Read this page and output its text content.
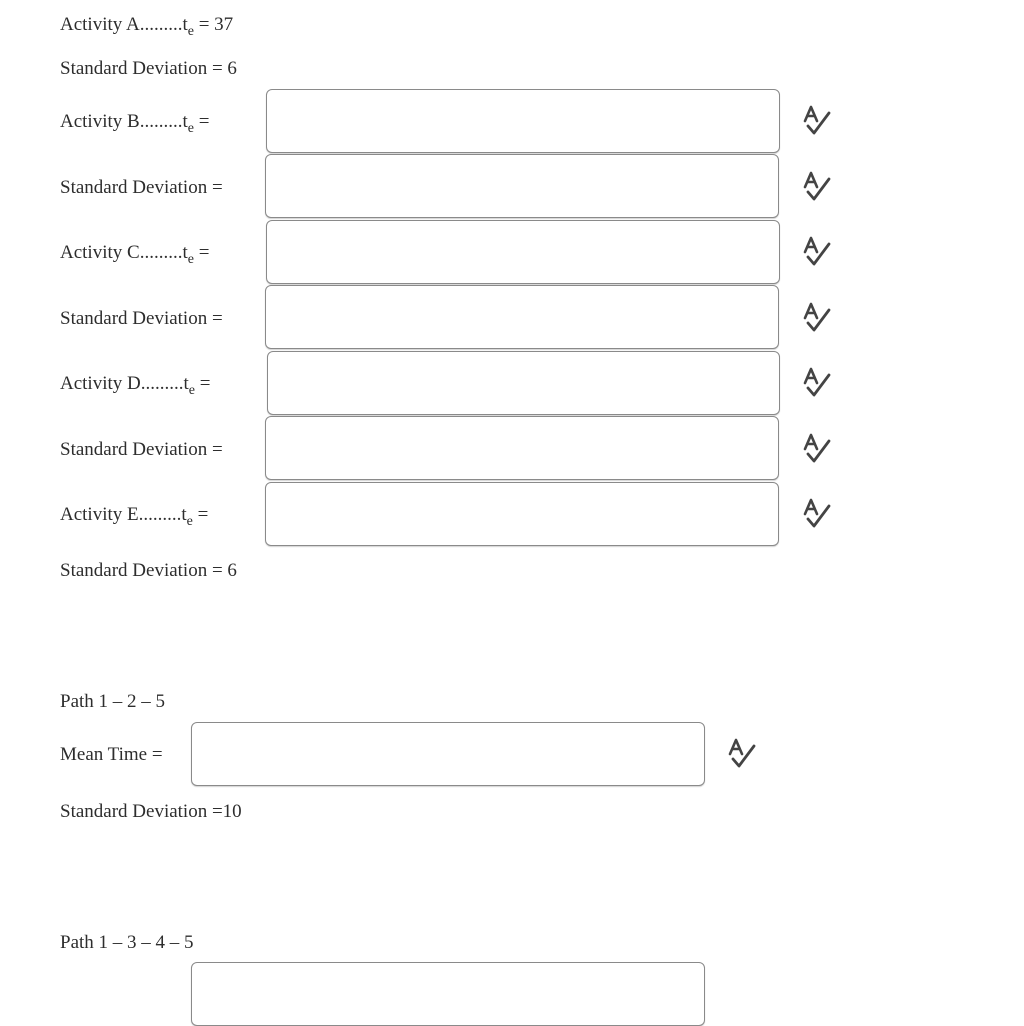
Activity $A.........t_e = 37$
Standard Deviation = 6
Activity $B.........t_e$ =
Standard Deviation =
Activity $C.........t_e$ =
Standard Deviation =
Activity $D.........t_e$ =
Standard Deviation =
Activity $E.........t_e$ =
Standard Deviation = 6
Path 1 – 2 – 5
Mean Time =
Standard Deviation =10
Path 1 – 3 – 4 – 5
